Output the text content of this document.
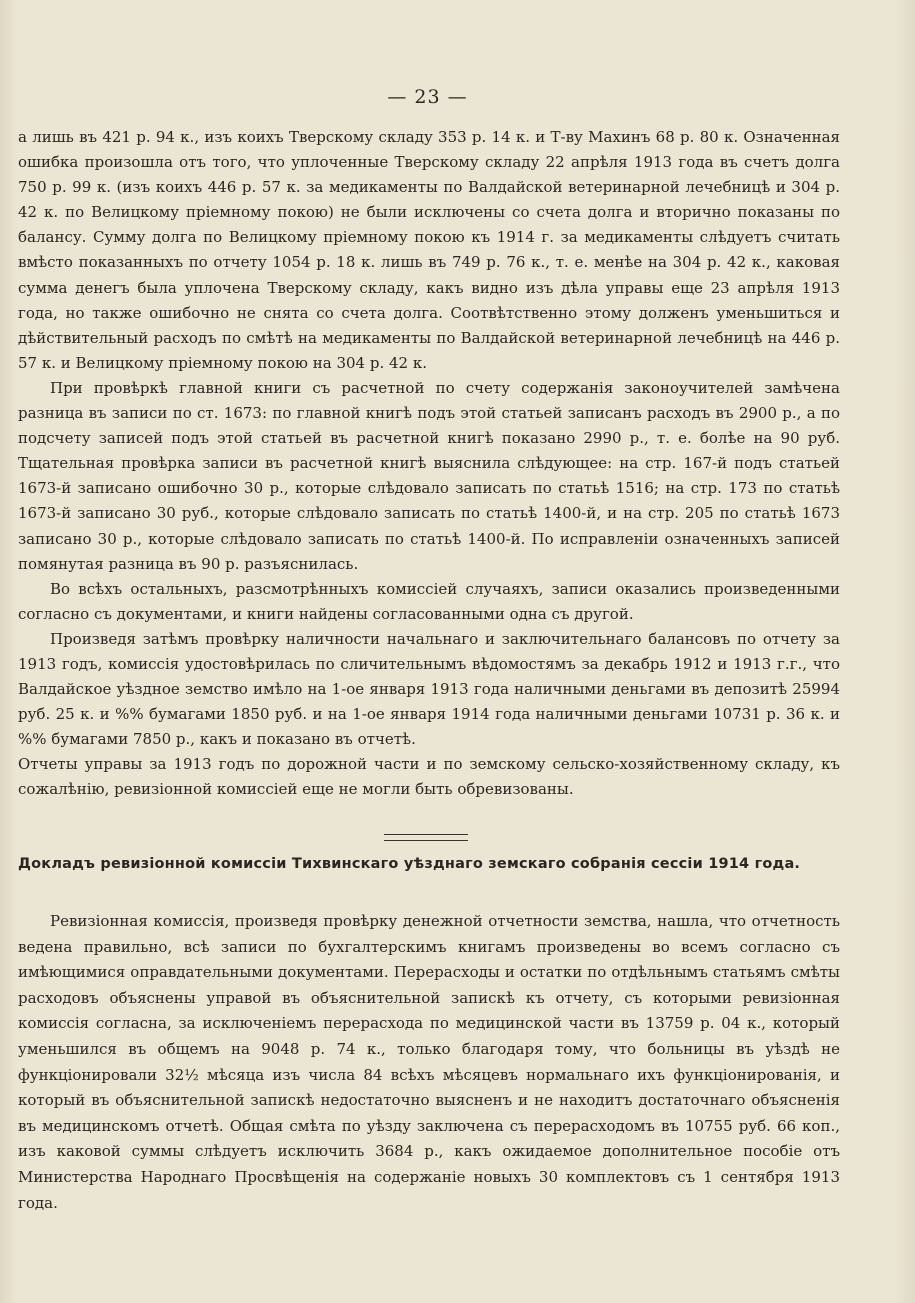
— 23 —

а лишь въ 421 р. 94 к., изъ коихъ Тверскому складу 353 р. 14 к. и Т-ву Махинъ 68 р. 80 к. Означенная ошибка произошла отъ того, что уплоченные Тверскому складу 22 апрѣля 1913 года въ счетъ долга 750 р. 99 к. (изъ коихъ 446 р. 57 к. за медикаменты по Валдайской ветеринарной лечебницѣ и 304 р. 42 к. по Велицкому прiемному покою) не были исключены со счета долга и вторично показаны по балансу. Сумму долга по Велицкому прiемному покою къ 1914 г. за медикаменты слѣдуетъ считать вмѣсто показанныхъ по отчету 1054 р. 18 к. лишь въ 749 р. 76 к., т. е. менѣе на 304 р. 42 к., каковая сумма денегъ была уплочена Тверскому складу, какъ видно изъ дѣла управы еще 23 апрѣля 1913 года, но также ошибочно не снята со счета долга. Соотвѣтственно этому долженъ уменьшиться и дѣйствительный расходъ по смѣтѣ на медикаменты по Валдайской ветеринарной лечебницѣ на 446 р. 57 к. и Велицкому прiемному покою на 304 р. 42 к.

При провѣркѣ главной книги съ расчетной по счету содержанiя законоучителей замѣчена разница въ записи по ст. 1673: по главной книгѣ подъ этой статьей записанъ расходъ въ 2900 р., а по подсчету записей подъ этой статьей въ расчетной книгѣ показано 2990 р., т. е. болѣе на 90 руб. Тщательная провѣрка записи въ расчетной книгѣ выяснила слѣдующее: на стр. 167-й подъ статьей 1673-й записано ошибочно 30 р., которые слѣдовало записать по статьѣ 1516; на стр. 173 по статьѣ 1673-й записано 30 руб., которые слѣдовало записать по статьѣ 1400-й, и на стр. 205 по статьѣ 1673 записано 30 р., которые слѣдовало записать по статьѣ 1400-й. По исправленiи означенныхъ записей помянутая разница въ 90 р. разъяснилась.

Во всѣхъ остальныхъ, разсмотрѣнныхъ комиссiей случаяхъ, записи оказались произведенными согласно съ документами, и книги найдены согласованными одна съ другой.

Произведя затѣмъ провѣрку наличности начальнаго и заключительнаго балансовъ по отчету за 1913 годъ, комиссiя удостовѣрилась по сличительнымъ вѣдомостямъ за декабрь 1912 и 1913 г.г., что Валдайское уѣздное земство имѣло на 1-ое января 1913 года наличными деньгами въ депозитѣ 25994 руб. 25 к. и %% бумагами 1850 руб. и на 1-ое января 1914 года наличными деньгами 10731 р. 36 к. и %% бумагами 7850 р., какъ и показано въ отчетѣ.

Отчеты управы за 1913 годъ по дорожной части и по земскому сельско-хозяйственному складу, къ сожалѣнiю, ревизiонной комиссiей еще не могли быть обревизованы.

Докладъ ревизiонной комиссiи Тихвинскаго уѣзднаго земскаго собранiя сессiи 1914 года.

Ревизiонная комиссiя, произведя провѣрку денежной отчетности земства, нашла, что отчетность ведена правильно, всѣ записи по бухгалтерскимъ книгамъ произведены во всемъ согласно съ имѣющимися оправдательными документами. Перерасходы и остатки по отдѣльнымъ статьямъ смѣты расходовъ объяснены управой въ объяснительной запискѣ къ отчету, съ которыми ревизiонная комиссiя согласна, за исключенiемъ перерасхода по медицинской части въ 13759 р. 04 к., который уменьшился въ общемъ на 9048 р. 74 к., только благодаря тому, что больницы въ уѣздѣ не функцiонировали 32½ мѣсяца изъ числа 84 всѣхъ мѣсяцевъ нормальнаго ихъ функцiонированiя, и который въ объяснительной запискѣ недостаточно выясненъ и не находитъ достаточнаго объясненiя въ медицинскомъ отчетѣ. Общая смѣта по уѣзду заключена съ перерасходомъ въ 10755 руб. 66 коп., изъ каковой суммы слѣдуетъ исключить 3684 р., какъ ожидаемое дополнительное пособiе отъ Министерства Народнаго Просвѣщенiя на содержанiе новыхъ 30 комплектовъ съ 1 сентября 1913 года.
